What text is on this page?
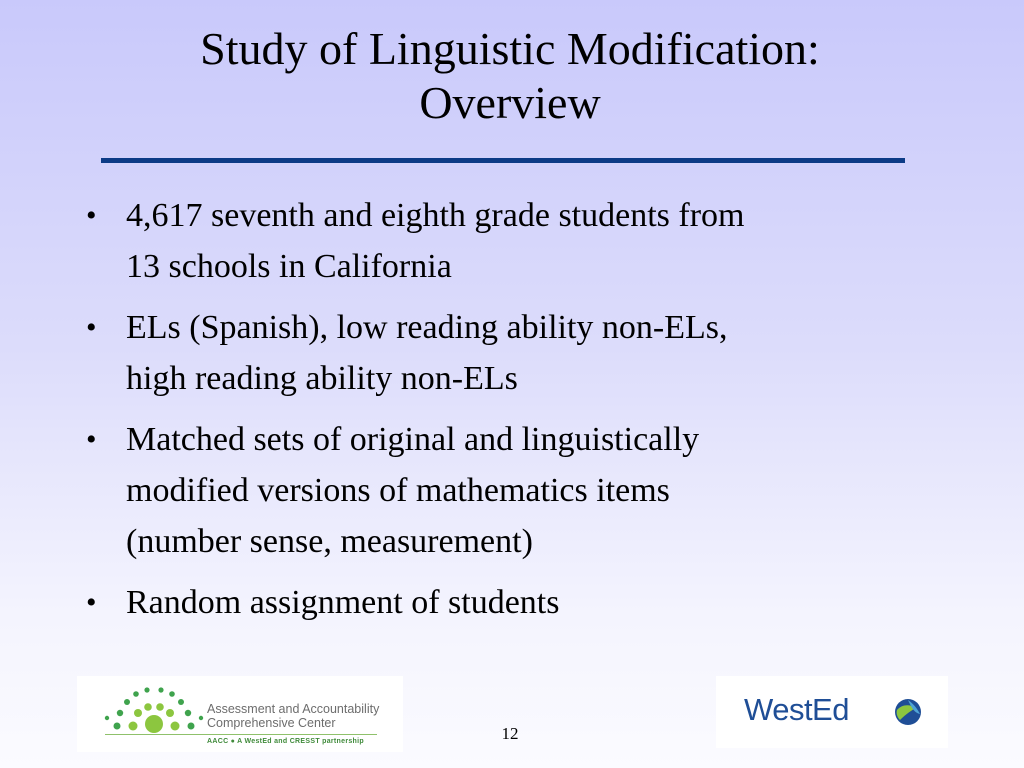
Study of Linguistic Modification:
Overview
• 4,617 seventh and eighth grade students from
13 schools in California
• ELs (Spanish), low reading ability non-ELs,
high reading ability non-ELs
• Matched sets of original and linguistically
modified versions of mathematics items
(number sense, measurement)
• Random assignment of students
Assessment and Accountability
Comprehensive Center
AACC ● A WestEd and CRESST partnership	12
WestEd
